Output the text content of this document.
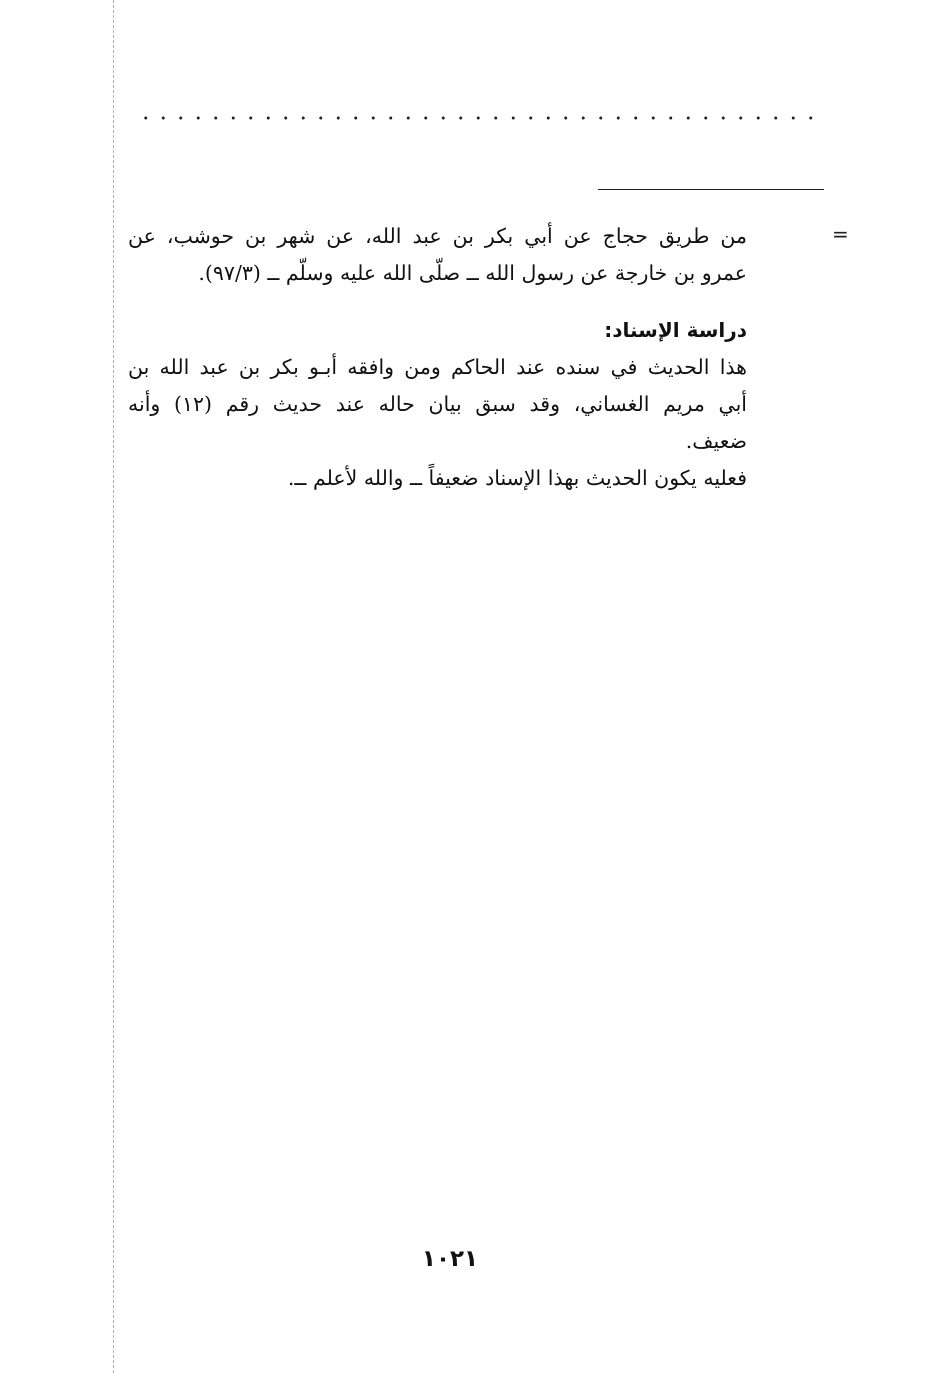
=

من طريق حجاج عن أبي بكر بن عبد الله، عن شهر بن حوشب، عن

عمرو بن خارجة عن رسول الله ــ صلّى الله عليه وسلّم ــ (٩٧/٣).

دراسة الإسناد:

هذا الحديث في سنده عند الحاكم ومن وافقه أبـو بكر بن عبد الله بن

أبي مريم الغساني، وقد سبق بيان حاله عند حديث رقم (١٢) وأنه

ضعيف.

فعليه يكون الحديث بهذا الإسناد ضعيفاً ــ والله لأعلم ــ.

١٠٢١
